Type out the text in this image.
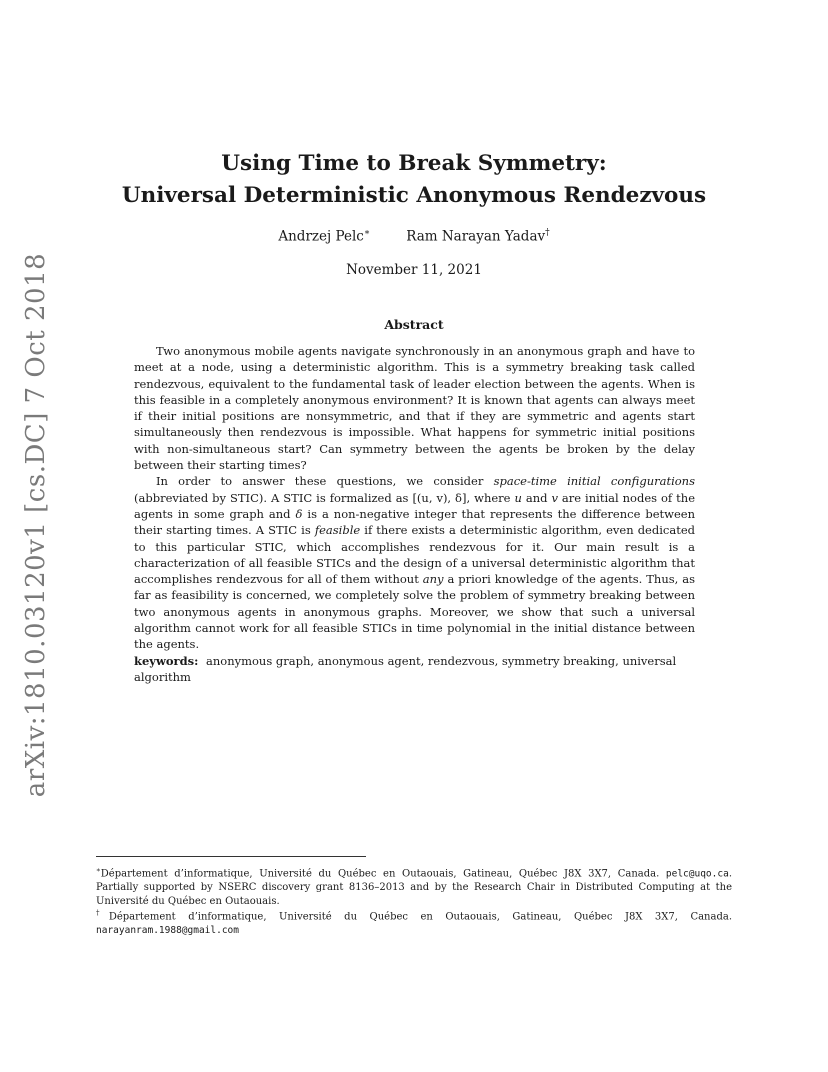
arXiv:1810.03120v1 [cs.DC] 7 Oct 2018
Using Time to Break Symmetry:
Universal Deterministic Anonymous Rendezvous
Andrzej Pelc∗	Ram Narayan Yadav†
November 11, 2021
Abstract

Two anonymous mobile agents navigate synchronously in an anonymous graph and have to meet at a node, using a deterministic algorithm. This is a symmetry breaking task called rendezvous, equivalent to the fundamental task of leader election between the agents. When is this feasible in a completely anonymous environment? It is known that agents can always meet if their initial positions are nonsymmetric, and that if they are symmetric and agents start simultaneously then rendezvous is impossible. What happens for symmetric initial positions with non-simultaneous start? Can symmetry between the agents be broken by the delay between their starting times?

In order to answer these questions, we consider space-time initial configurations (abbreviated by STIC). A STIC is formalized as [(u, v), δ], where u and v are initial nodes of the agents in some graph and δ is a non-negative integer that represents the difference between their starting times. A STIC is feasible if there exists a deterministic algorithm, even dedicated to this particular STIC, which accomplishes rendezvous for it. Our main result is a characterization of all feasible STICs and the design of a universal deterministic algorithm that accomplishes rendezvous for all of them without any a priori knowledge of the agents. Thus, as far as feasibility is concerned, we completely solve the problem of symmetry breaking between two anonymous agents in anonymous graphs. Moreover, we show that such a universal algorithm cannot work for all feasible STICs in time polynomial in the initial distance between the agents.

keywords: anonymous graph, anonymous agent, rendezvous, symmetry breaking, universal algorithm
∗Département d’informatique, Université du Québec en Outaouais, Gatineau, Québec J8X 3X7, Canada. pelc@uqo.ca. Partially supported by NSERC discovery grant 8136–2013 and by the Research Chair in Distributed Computing at the Université du Québec en Outaouais.
†Département d’informatique, Université du Québec en Outaouais, Gatineau, Québec J8X 3X7, Canada. narayanram.1988@gmail.com
